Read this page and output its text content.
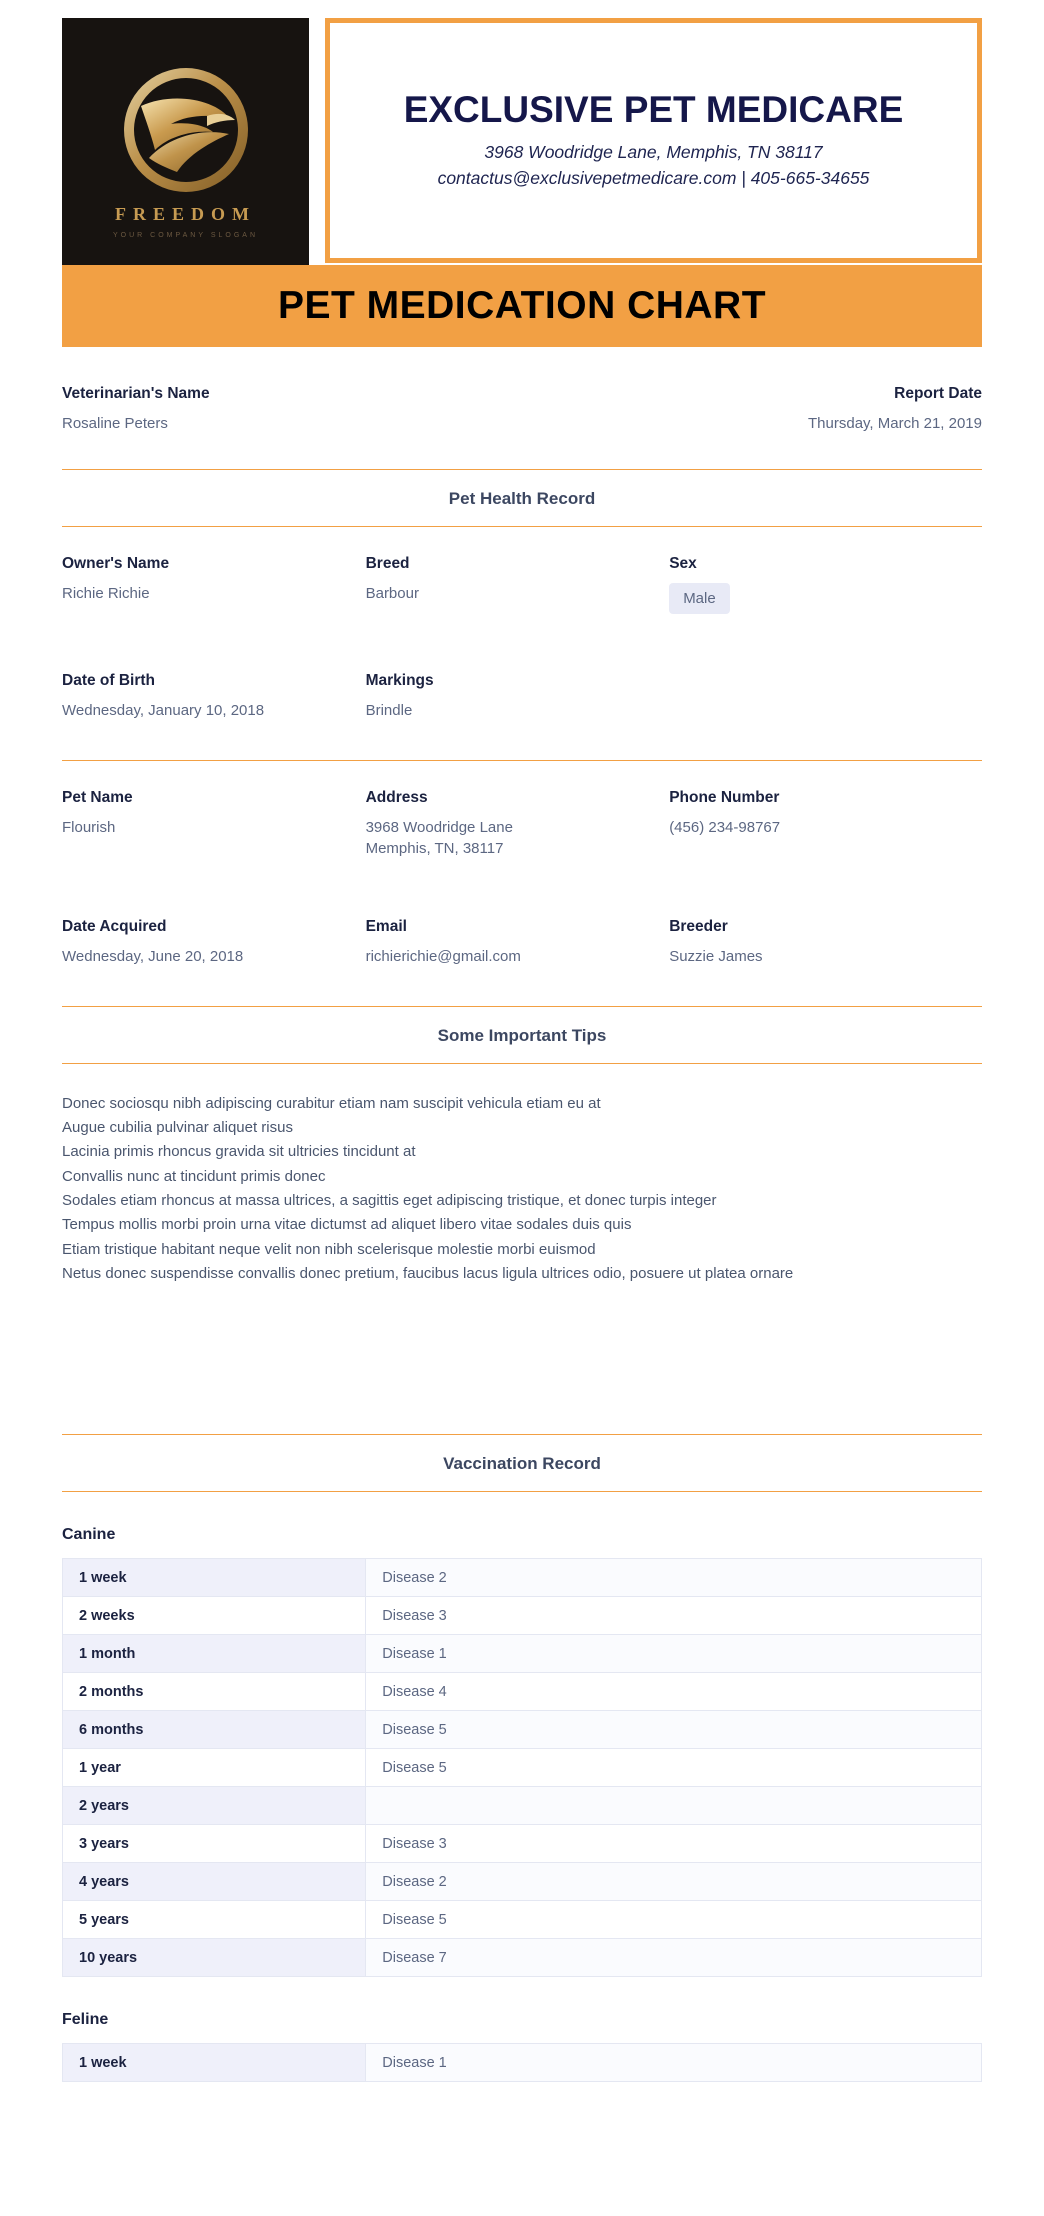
FREEDOM
YOUR COMPANY SLOGAN
EXCLUSIVE PET MEDICARE
3968 Woodridge Lane, Memphis, TN 38117
contactus@exclusivepetmedicare.com | 405-665-34655
PET MEDICATION CHART
Veterinarian's Name
Rosaline Peters
Report Date
Thursday, March 21, 2019
Pet Health Record
Owner's Name
Richie Richie
Breed
Barbour
Sex
Male
Date of Birth
Wednesday, January 10, 2018
Markings
Brindle
Pet Name
Flourish
Address
3968 Woodridge Lane
Memphis, TN, 38117
Phone Number
(456) 234-98767
Date Acquired
Wednesday, June 20, 2018
Email
richierichie@gmail.com
Breeder
Suzzie James
Some Important Tips

Donec sociosqu nibh adipiscing curabitur etiam nam suscipit vehicula etiam eu at

Augue cubilia pulvinar aliquet risus

Lacinia primis rhoncus gravida sit ultricies tincidunt at

Convallis nunc at tincidunt primis donec

Sodales etiam rhoncus at massa ultrices, a sagittis eget adipiscing tristique, et donec turpis integer

Tempus mollis morbi proin urna vitae dictumst ad aliquet libero vitae sodales duis quis

Etiam tristique habitant neque velit non nibh scelerisque molestie morbi euismod

Netus donec suspendisse convallis donec pretium, faucibus lacus ligula ultrices odio, posuere ut platea ornare

Vaccination Record
Canine
1 week	Disease 2
2 weeks	Disease 3
1 month	Disease 1
2 months	Disease 4
6 months	Disease 5
1 year	Disease 5
2 years	
3 years	Disease 3
4 years	Disease 2
5 years	Disease 5
10 years	Disease 7
Feline
1 week	Disease 1
